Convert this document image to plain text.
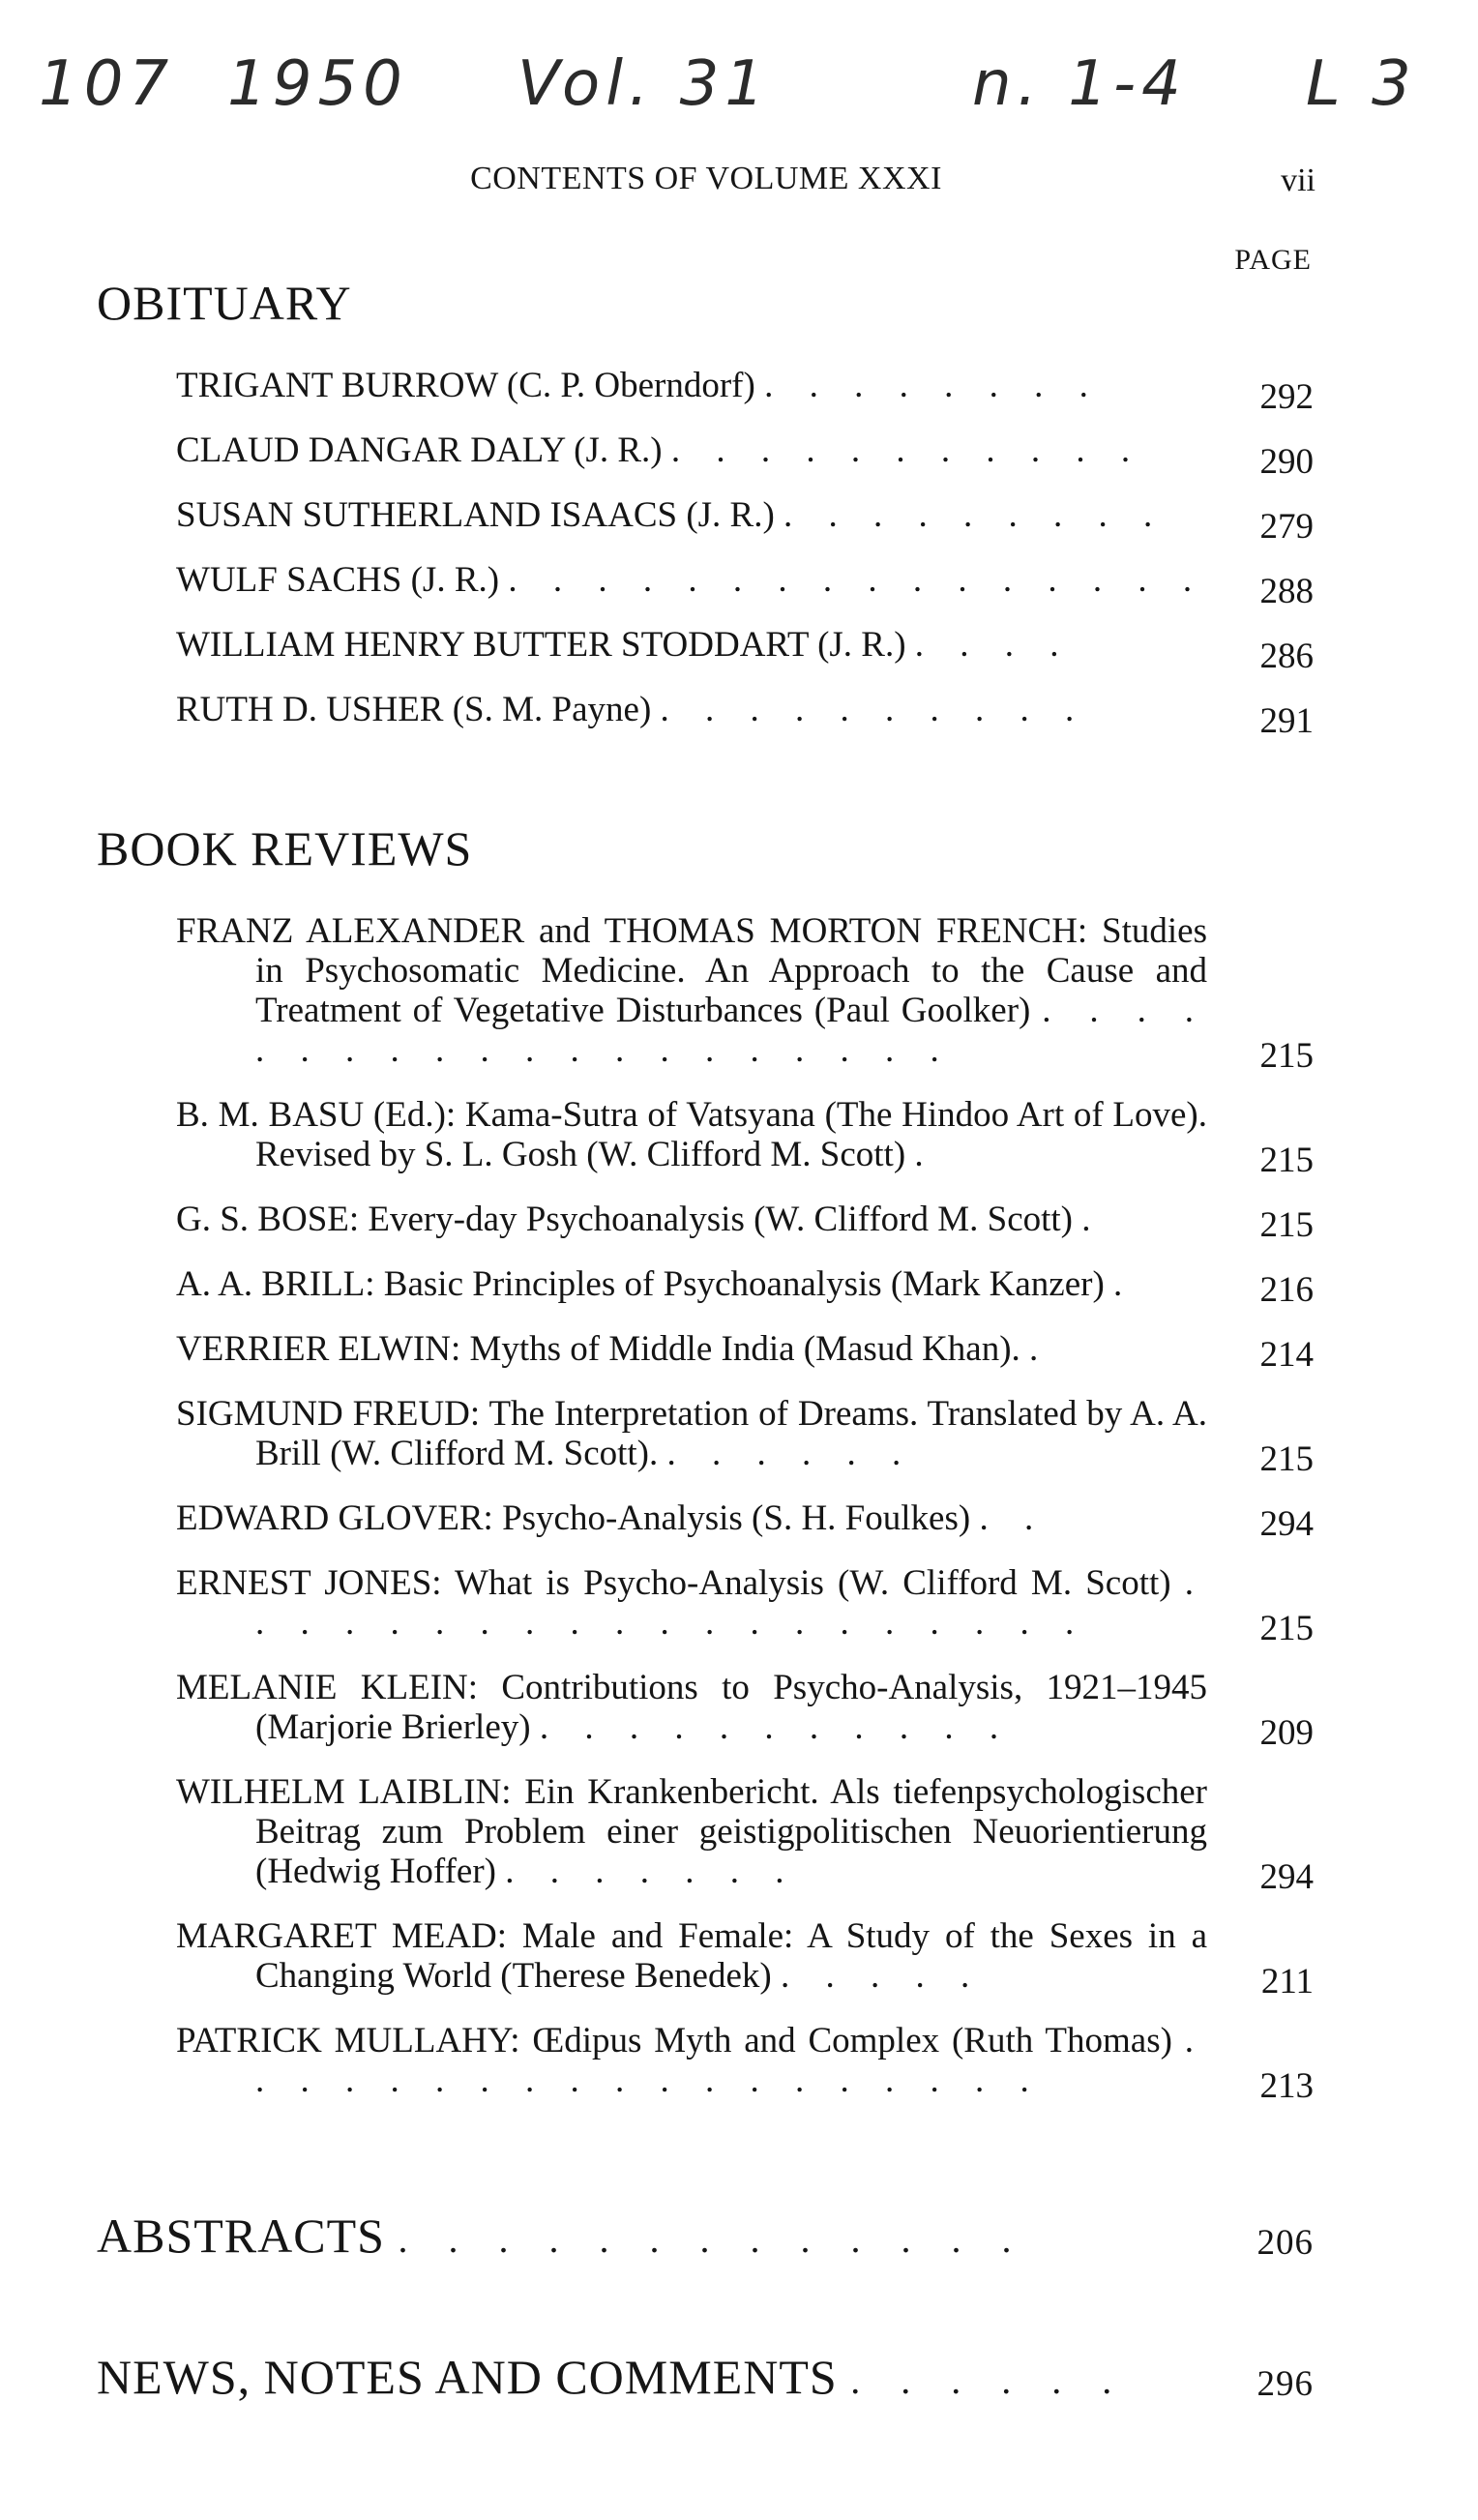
107 1950 Vol. 31	n. 1-4 L 3
CONTENTS OF VOLUME XXXI	vii
PAGE
OBITUARY
TRIGANT BURROW (C. P. Oberndorf) . . . . . . . .	292
CLAUD DANGAR DALY (J. R.) . . . . . . . . . . .	290
SUSAN SUTHERLAND ISAACS (J. R.) . . . . . . . . .	279
WULF SACHS (J. R.) . . . . . . . . . . . . . . . .	288
WILLIAM HENRY BUTTER STODDART (J. R.) . . . .	286
RUTH D. USHER (S. M. Payne) . . . . . . . . . .	291
BOOK REVIEWS
FRANZ ALEXANDER and THOMAS MORTON FRENCH: Studies in Psychosomatic Medicine. An Approach to the Cause and Treatment of Vegetative Disturbances (Paul Goolker) . . . . . . . . . . . . . . . . . . . .	215
B. M. BASU (Ed.): Kama-Sutra of Vatsyana (The Hindoo Art of Love). Revised by S. L. Gosh (W. Clifford M. Scott) .	215
G. S. BOSE: Every-day Psychoanalysis (W. Clifford M. Scott) .	215
A. A. BRILL: Basic Principles of Psychoanalysis (Mark Kanzer) .	216
VERRIER ELWIN: Myths of Middle India (Masud Khan). .	214
SIGMUND FREUD: The Interpretation of Dreams. Translated by A. A. Brill (W. Clifford M. Scott). . . . . . .	215
EDWARD GLOVER: Psycho-Analysis (S. H. Foulkes) . .	294
ERNEST JONES: What is Psycho-Analysis (W. Clifford M. Scott) . . . . . . . . . . . . . . . . . . . .	215
MELANIE KLEIN: Contributions to Psycho-Analysis, 1921–1945 (Marjorie Brierley) . . . . . . . . . . .	209
WILHELM LAIBLIN: Ein Krankenbericht. Als tiefenpsychologischer Beitrag zum Problem einer geistigpolitischen Neuorientierung (Hedwig Hoffer) . . . . . . .	294
MARGARET MEAD: Male and Female: A Study of the Sexes in a Changing World (Therese Benedek) . . . . .	211
PATRICK MULLAHY: Œdipus Myth and Complex (Ruth Thomas) . . . . . . . . . . . . . . . . . . .	213
ABSTRACTS . . . . . . . . . . . . .	206
NEWS, NOTES AND COMMENTS . . . . . .	296
